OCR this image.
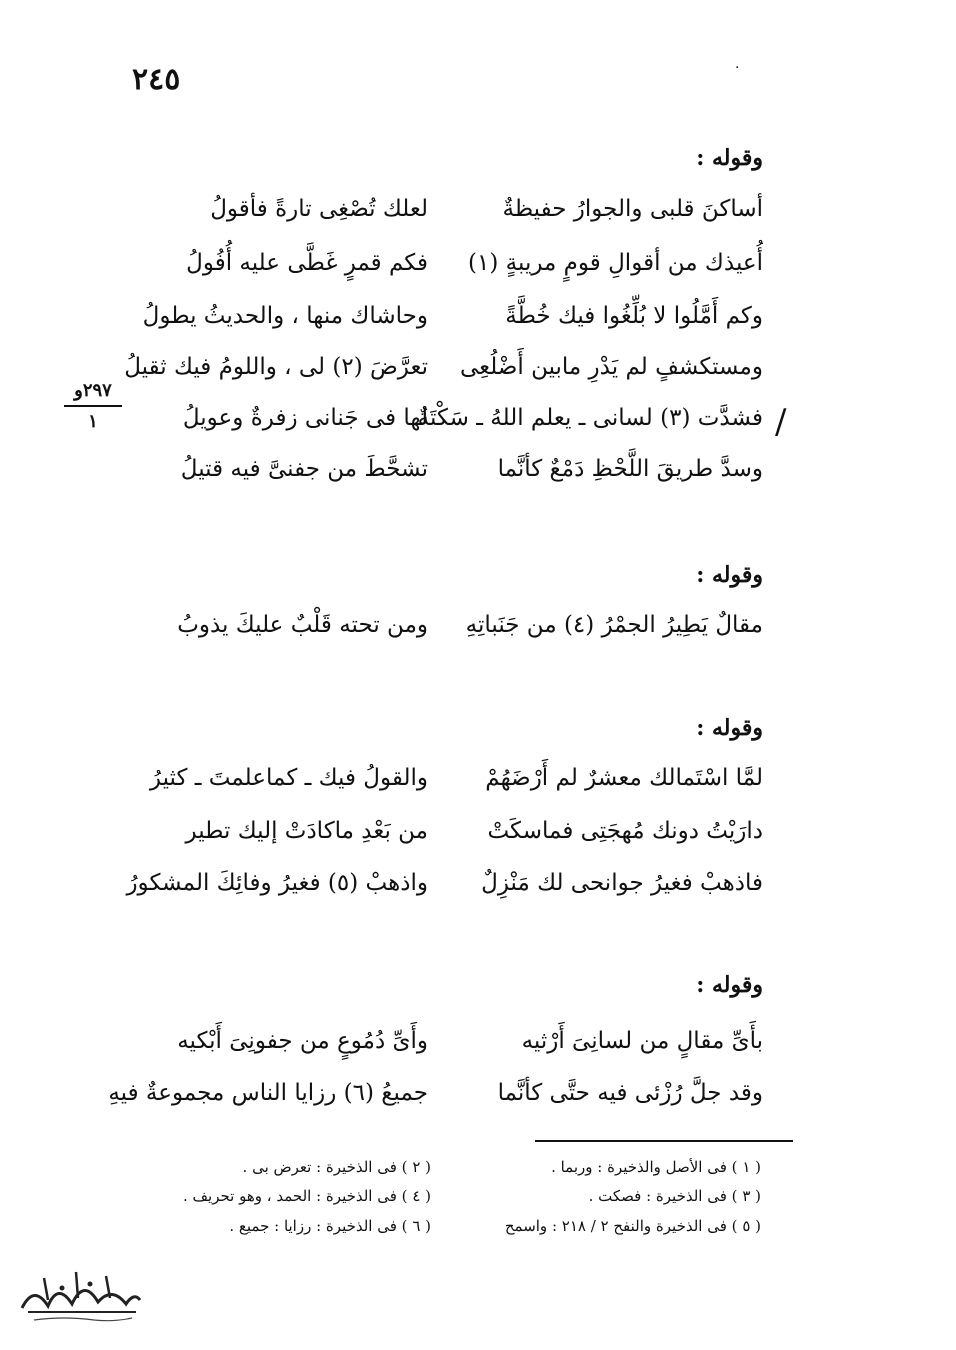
٢٤٥	·
٢٩٧و
١	/
وقوله :
أساكنَ قلبى والجوارُ حفيظةٌ
لعلك تُصْغِى تارةً فأقولُ
أُعيذك من أقوالِ قومٍ مريبةٍ (١)
فكم قمرٍ غَطَّى عليه أُفُولُ
وكم أَمَّلُوا لا بُلِّغُوا فيك خُطَّةً
وحاشاك منها ، والحديثُ يطولُ
ومستكشفٍ لم يَدْرِ مابين أَضْلُعِى
تعرَّضَ (٢) لى ، واللومُ فيك ثقيلُ
فشدَّت (٣) لسانى ـ يعلم اللهُ ـ سَكْتَةٌ
لها فى جَنانى زفرةٌ وعويلُ
وسدَّ طريقَ اللَّحْظِ دَمْعٌ كأنَّما
تشحَّطَ من جفنىَّ فيه قتيلُ
وقوله :
مقالٌ يَطِيرُ الجمْرُ (٤) من جَنَباتِهِ
ومن تحته قَلْبٌ عليكَ يذوبُ
وقوله :
لمَّا اسْتَمالك معشرٌ لم أَرْضَهُمْ
والقولُ فيك ـ كماعلمتَ ـ كثيرُ
دارَيْتُ دونك مُهجَتِى فماسكَتْ
من بَعْدِ ماكادَتْ إليك تطير
فاذهبْ فغيرُ جوانحى لك مَنْزِلٌ
واذهبْ (٥) فغيرُ وفائِكَ المشكورُ
وقوله :
بأَىِّ مقالٍ من لسانِىَ أَرْثيه
وأَىِّ دُمُوعٍ من جفونِىَ أَبْكيه
وقد جلَّ رُزْئى فيه حتَّى كأنَّما
جميعُ (٦) رزايا الناس مجموعةٌ فيهِ
( ١ ) فى الأصل والذخيرة : وربما .
( ٢ ) فى الذخيرة : تعرض بى .
( ٣ ) فى الذخيرة : فصكت .
( ٤ ) فى الذخيرة : الحمد ، وهو تحريف .
( ٥ ) فى الذخيرة والنفح ٢ / ٢١٨ : واسمح
( ٦ ) فى الذخيرة : رزايا : جميع .
